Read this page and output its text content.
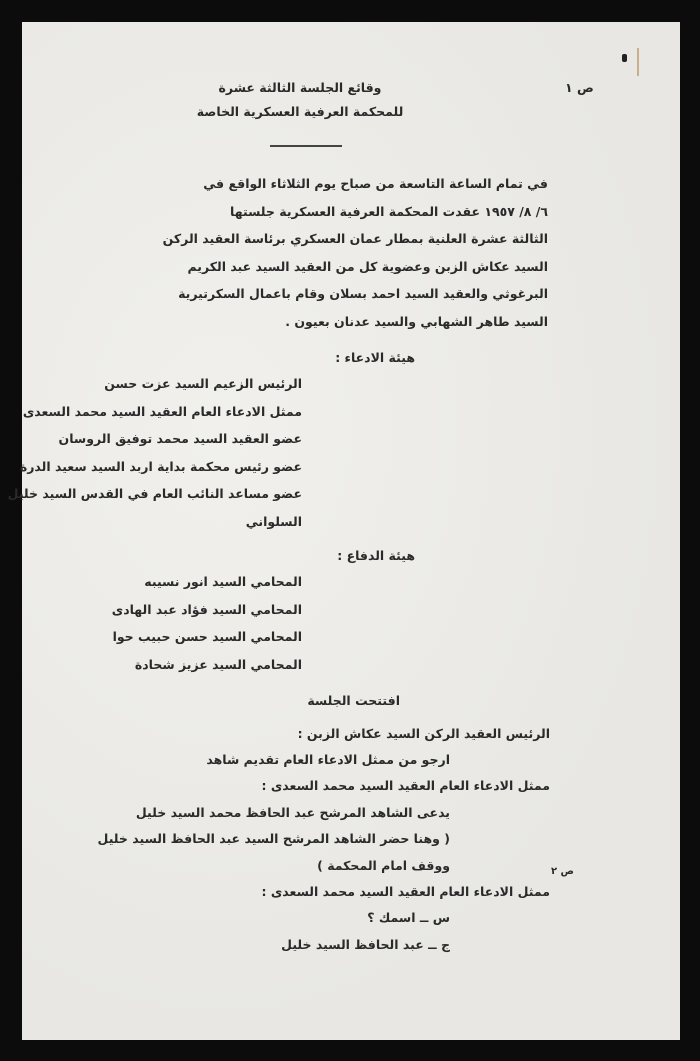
ص ١
وقائع الجلسة الثالثة عشرة
للمحكمة العرفية العسكرية الخاصة
في تمام الساعة التاسعة من صباح يوم الثلاثاء الواقع في
٦/ ٨/ ١٩٥٧ عقدت المحكمة العرفية العسكرية جلستها
الثالثة عشرة العلنية بمطار عمان العسكري برئاسة العقيد الركن
السيد عكاش الزبن وعضوية كل من العقيد السيد عبد الكريم
البرغوثي والعقيد السيد احمد بسلان وقام باعمال السكرتيرية
السيد طاهر الشهابي والسيد عدنان بعيون .
هيئة الادعاء :
الرئيس الزعيم السيد عزت حسن
ممثل الادعاء العام العقيد السيد محمد السعدى
عضو العقيد السيد محمد توفيق الروسان
عضو رئيس محكمة بداية اربد السيد سعيد الدرة
عضو مساعد النائب العام في القدس السيد خليل
السلواني
هيئة الدفاع :
المحامي السيد انور نسيبه
المحامي السيد فؤاد عبد الهادى
المحامي السيد حسن حبيب حوا
المحامي السيد عزيز شحادة
افتتحت الجلسة
الرئيس العقيد الركن السيد عكاش الزبن :
ارجو من ممثل الادعاء العام تقديم شاهد
ممثل الادعاء العام العقيد السيد محمد السعدى :
يدعى الشاهد المرشح عبد الحافظ محمد السيد خليل
( وهنا حضر الشاهد المرشح السيد عبد الحافظ السيد خليل
ووقف امام المحكمة )	ص ٢
ممثل الادعاء العام العقيد السيد محمد السعدى :
س ــ اسمك ؟
ج ــ عبد الحافظ السيد خليل
